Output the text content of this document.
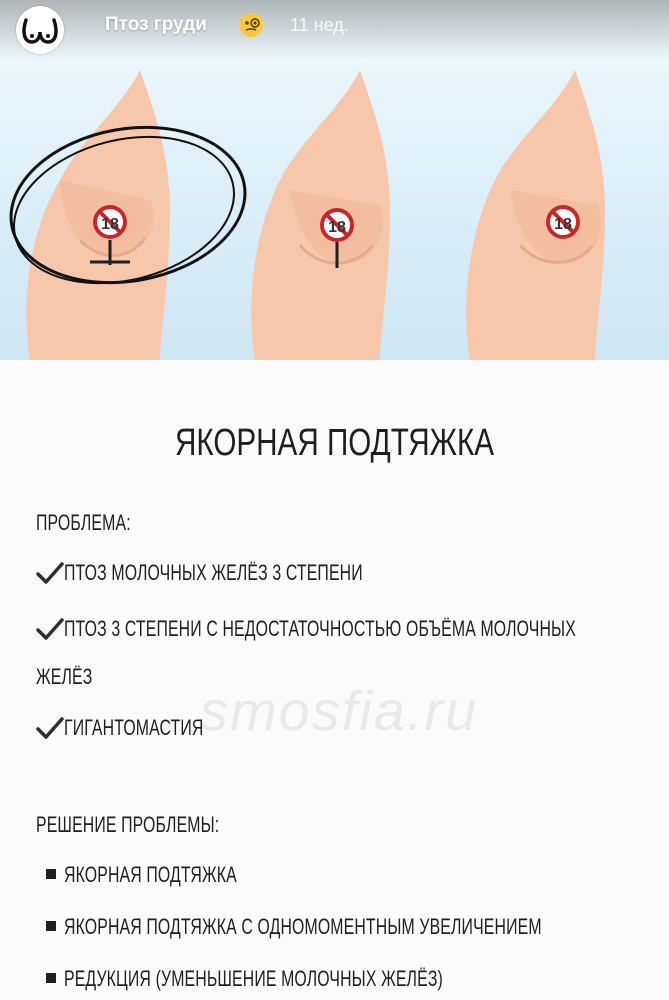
18	18	18
Птоз груди	11 нед.
ЯКОРНАЯ ПОДТЯЖКА
ПРОБЛЕМА:
ПТОЗ МОЛОЧНЫХ ЖЕЛЁЗ 3 СТЕПЕНИ
ПТОЗ 3 СТЕПЕНИ С НЕДОСТАТОЧНОСТЬЮ ОБЪЁМА МОЛОЧНЫХ
ЖЕЛЁЗ
smosfia.ru
ГИГАНТОМАСТИЯ
РЕШЕНИЕ ПРОБЛЕМЫ:
ЯКОРНАЯ ПОДТЯЖКА
ЯКОРНАЯ ПОДТЯЖКА С ОДНОМОМЕНТНЫМ УВЕЛИЧЕНИЕМ
РЕДУКЦИЯ (УМЕНЬШЕНИЕ МОЛОЧНЫХ ЖЕЛЁЗ)
